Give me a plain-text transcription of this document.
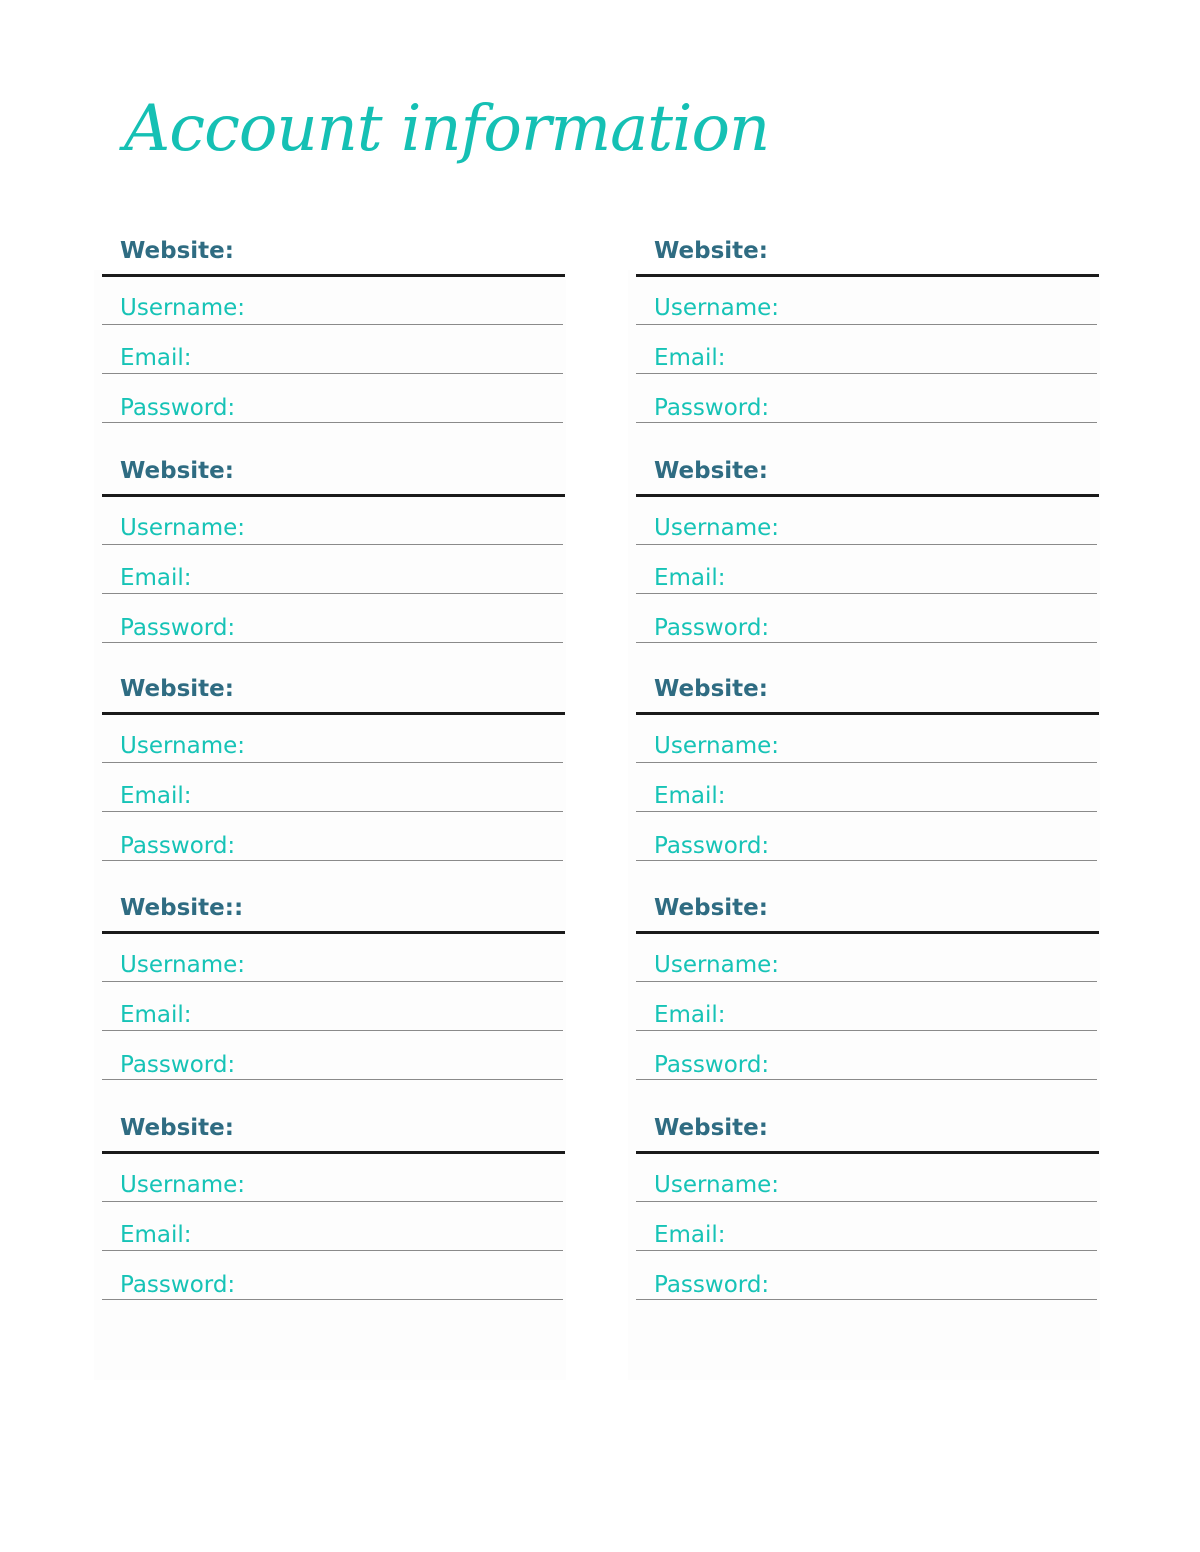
Account information
Website:
Username:
Email:
Password:
Website:
Username:
Email:
Password:
Website:
Username:
Email:
Password:
Website::
Username:
Email:
Password:
Website:
Username:
Email:
Password:
Website:
Username:
Email:
Password:
Website:
Username:
Email:
Password:
Website:
Username:
Email:
Password:
Website:
Username:
Email:
Password:
Website:
Username:
Email:
Password:
